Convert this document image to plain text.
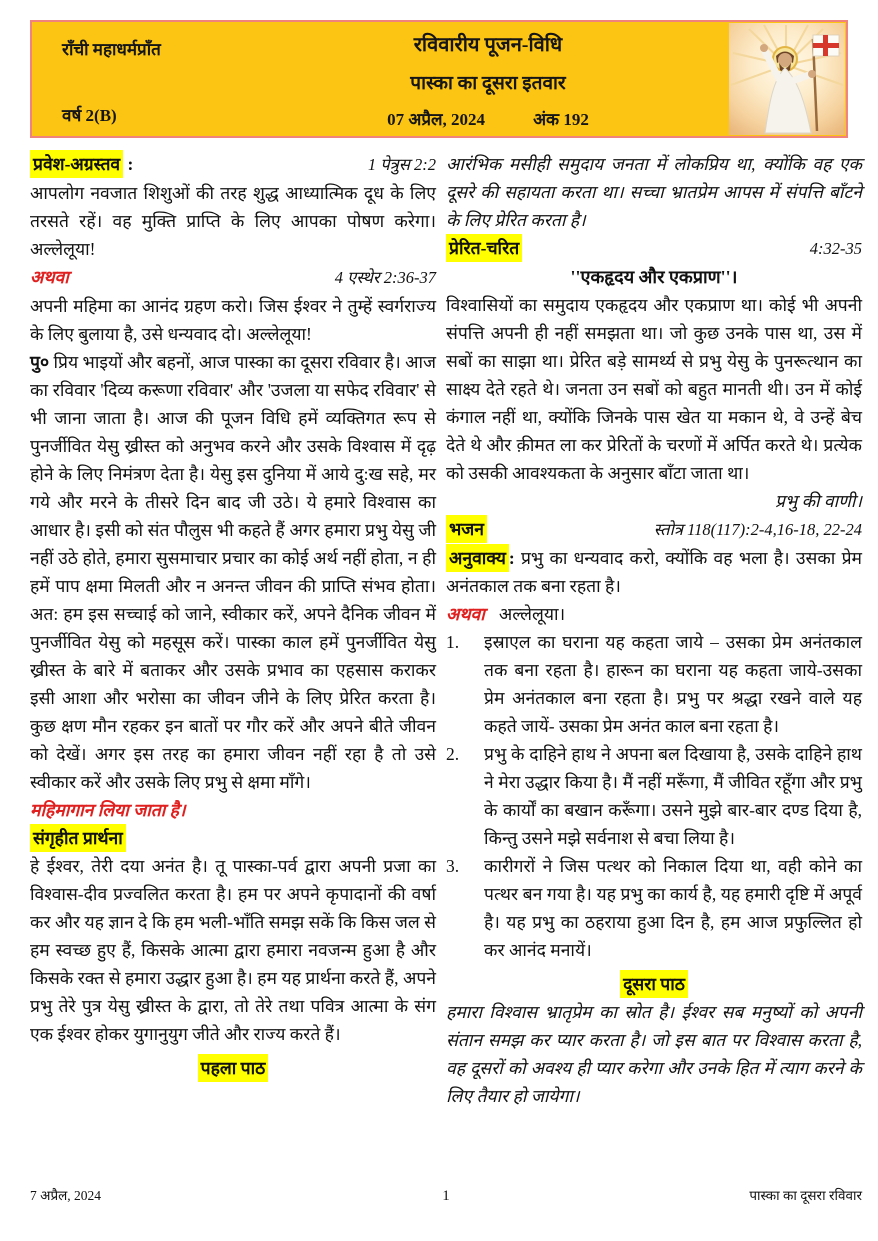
राँची महाधर्मप्राँत
वर्ष 2(B)
रविवारीय पूजन-विधि
पास्का का दूसरा इतवार
07 अप्रैल, 2024	अंक 192
प्रवेश-अग्रस्तव :	1 पेत्रुस 2:2
आपलोग नवजात शिशुओं की तरह शुद्ध आध्यात्मिक दूध के लिए तरसते रहें। वह मुक्ति प्राप्ति के लिए आपका पोषण करेगा। अल्लेलूया!
अथवा	4 एस्थेर 2:36-37
अपनी महिमा का आनंद ग्रहण करो। जिस ईश्वर ने तुम्हें स्वर्गराज्य के लिए बुलाया है, उसे धन्यवाद दो। अल्लेलूया!
पु० प्रिय भाइयों और बहनों, आज पास्का का दूसरा रविवार है। आज का रविवार 'दिव्य करूणा रविवार' और 'उजला या सफेद रविवार' से भी जाना जाता है। आज की पूजन विधि हमें व्यक्तिगत रूप से पुनर्जीवित येसु ख्रीस्त को अनुभव करने और उसके विश्वास में दृढ़ होने के लिए निमंत्रण देता है। येसु इस दुनिया में आये दु:ख सहे, मर गये और मरने के तीसरे दिन बाद जी उठे। ये हमारे विश्वास का आधार है। इसी को संत पौलुस भी कहते हैं अगर हमारा प्रभु येसु जी नहीं उठे होते, हमारा सुसमाचार प्रचार का कोई अर्थ नहीं होता, न ही हमें पाप क्षमा मिलती और न अनन्त जीवन की प्राप्ति संभव होता। अत: हम इस सच्चाई को जाने, स्वीकार करें, अपने दैनिक जीवन में पुनर्जीवित येसु को महसूस करें। पास्का काल हमें पुनर्जीवित येसु ख्रीस्त के बारे में बताकर और उसके प्रभाव का एहसास कराकर इसी आशा और भरोसा का जीवन जीने के लिए प्रेरित करता है। कुछ क्षण मौन रहकर इन बातों पर गौर करें और अपने बीते जीवन को देखें। अगर इस तरह का हमारा जीवन नहीं रहा है तो उसे स्वीकार करें और उसके लिए प्रभु से क्षमा माँगे।
महिमागान लिया जाता है।
संगृहीत प्रार्थना
हे ईश्वर, तेरी दया अनंत है। तू पास्का-पर्व द्वारा अपनी प्रजा का विश्वास-दीव प्रज्वलित करता है। हम पर अपने कृपादानों की वर्षा कर और यह ज्ञान दे कि हम भली-भाँति समझ सकें कि किस जल से हम स्वच्छ हुए हैं, किसके आत्मा द्वारा हमारा नवजन्म हुआ है और किसके रक्त से हमारा उद्धार हुआ है। हम यह प्रार्थना करते हैं, अपने प्रभु तेरे पुत्र येसु ख्रीस्त के द्वारा, तो तेरे तथा पवित्र आत्मा के संग एक ईश्वर होकर युगानुयुग जीते और राज्य करते हैं।
पहला पाठ
आरंभिक मसीही समुदाय जनता में लोकप्रिय था, क्योंकि वह एक दूसरे की सहायता करता था। सच्चा भ्रातप्रेम आपस में संपत्ति बाँटने के लिए प्रेरित करता है।
प्रेरित-चरित	4:32-35
''एकहृदय और एकप्राण''।
विश्वासियों का समुदाय एकहृदय और एकप्राण था। कोई भी अपनी संपत्ति अपनी ही नहीं समझता था। जो कुछ उनके पास था, उस में सबों का साझा था। प्रेरित बड़े सामर्थ्य से प्रभु येसु के पुनरूत्थान का साक्ष्य देते रहते थे। जनता उन सबों को बहुत मानती थी। उन में कोई कंगाल नहीं था, क्योंकि जिनके पास खेत या मकान थे, वे उन्हें बेच देते थे और क़ीमत ला कर प्रेरितों के चरणों में अर्पित करते थे। प्रत्येक को उसकी आवश्यकता के अनुसार बाँटा जाता था।
प्रभु की वाणी।
भजन	स्तोत्र 118(117):2-4,16-18, 22-24
अनुवाक्य : प्रभु का धन्यवाद करो, क्योंकि वह भला है। उसका प्रेम अनंतकाल तक बना रहता है।
अथवा अल्लेलूया।
1.	इस्राएल का घराना यह कहता जाये – उसका प्रेम अनंतकाल तक बना रहता है। हारून का घराना यह कहता जाये-उसका प्रेम अनंतकाल बना रहता है। प्रभु पर श्रद्धा रखने वाले यह कहते जायें- उसका प्रेम अनंत काल बना रहता है।
2.	प्रभु के दाहिने हाथ ने अपना बल दिखाया है, उसके दाहिने हाथ ने मेरा उद्धार किया है। मैं नहीं मरूँगा, मैं जीवित रहूँगा और प्रभु के कार्यों का बखान करूँगा। उसने मुझे बार-बार दण्ड दिया है, किन्तु उसने मझे सर्वनाश से बचा लिया है।
3.	कारीगरों ने जिस पत्थर को निकाल दिया था, वही कोने का पत्थर बन गया है। यह प्रभु का कार्य है, यह हमारी दृष्टि में अपूर्व है। यह प्रभु का ठहराया हुआ दिन है, हम आज प्रफुल्लित हो कर आनंद मनायें।
दूसरा पाठ
हमारा विश्वास भ्रातृप्रेम का स्रोत है। ईश्वर सब मनुष्यों को अपनी संतान समझ कर प्यार करता है। जो इस बात पर विश्वास करता है, वह दूसरों को अवश्य ही प्यार करेगा और उनके हित में त्याग करने के लिए तैयार हो जायेगा।
7 अप्रैल, 2024	1	पास्का का दूसरा रविवार
